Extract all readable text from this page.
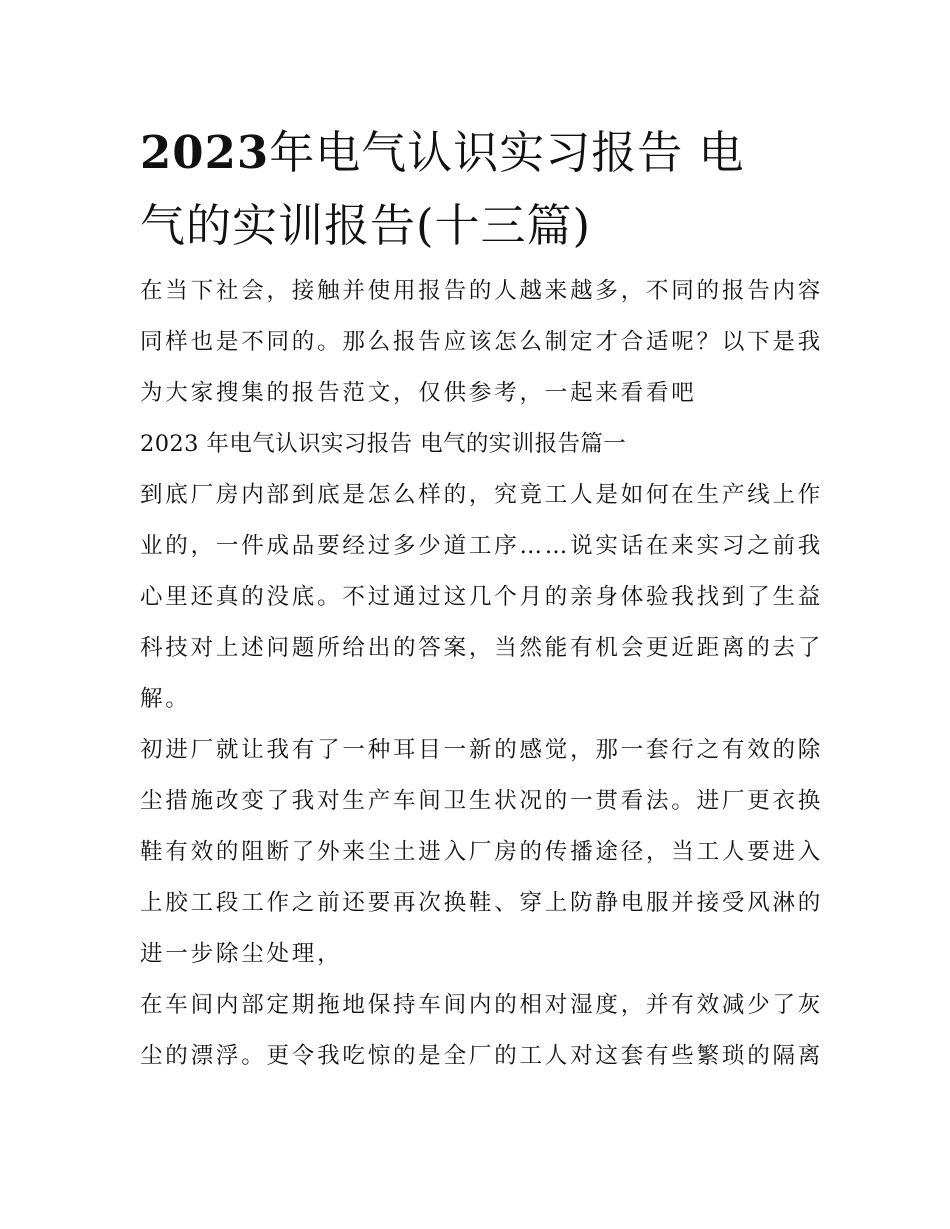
2023年电气认识实习报告 电
气的实训报告(十三篇)
在当下社会，接触并使用报告的人越来越多，不同的报告内容
同样也是不同的。那么报告应该怎么制定才合适呢？以下是我
为大家搜集的报告范文，仅供参考，一起来看看吧
2023 年电气认识实习报告 电气的实训报告篇一
到底厂房内部到底是怎么样的，究竟工人是如何在生产线上作
业的，一件成品要经过多少道工序……说实话在来实习之前我
心里还真的没底。不过通过这几个月的亲身体验我找到了生益
科技对上述问题所给出的答案，当然能有机会更近距离的去了
解。
初进厂就让我有了一种耳目一新的感觉，那一套行之有效的除
尘措施改变了我对生产车间卫生状况的一贯看法。进厂更衣换
鞋有效的阻断了外来尘土进入厂房的传播途径，当工人要进入
上胶工段工作之前还要再次换鞋、穿上防静电服并接受风淋的
进一步除尘处理，
在车间内部定期拖地保持车间内的相对湿度，并有效减少了灰
尘的漂浮。更令我吃惊的是全厂的工人对这套有些繁琐的隔离
